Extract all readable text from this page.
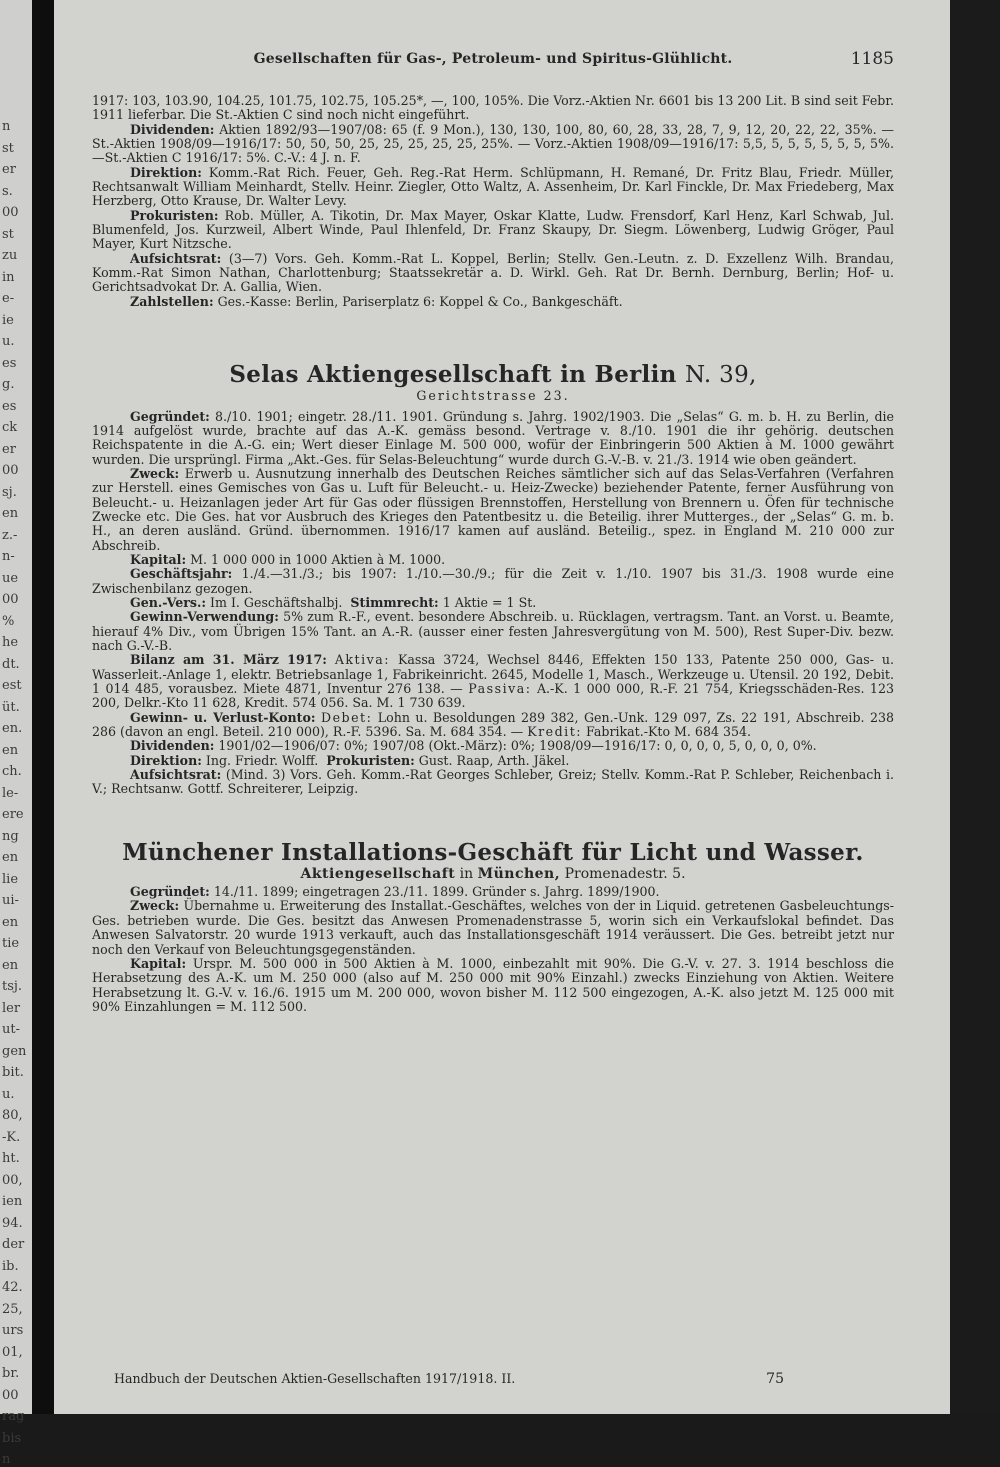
n
st
er
s.
00
st
zu
in
e-
ie
u.
es
g.
es
ck
er
00
sj.
en
z.-
n-
ue
00
%
he
dt.
est
üt.
en.
en
ch.
le-
ere
ng
en
lie
ui-
en
tie
en
tsj.
ler
ut-
gen
bit.
u.
80,
-K.
ht.
00,
ien
94.
der
ib.
42.
25,
urs
01,
br.
00
rag
bis
n
Gesellschaften für Gas-, Petroleum- und Spiritus-Glühlicht.	1185

1917: 103, 103.90, 104.25, 101.75, 102.75, 105.25*, —, 100, 105%. Die Vorz.-Aktien Nr. 6601 bis 13 200 Lit. B sind seit Febr. 1911 lieferbar. Die St.-Aktien C sind noch nicht eingeführt.

Dividenden: Aktien 1892/93—1907/08: 65 (f. 9 Mon.), 130, 130, 100, 80, 60, 28, 33, 28, 7, 9, 12, 20, 22, 22, 35%. — St.-Aktien 1908/09—1916/17: 50, 50, 50, 25, 25, 25, 25, 25, 25%. — Vorz.-Aktien 1908/09—1916/17: 5,5, 5, 5, 5, 5, 5, 5, 5%. —St.-Aktien C 1916/17: 5%. C.-V.: 4 J. n. F.

Direktion: Komm.-Rat Rich. Feuer, Geh. Reg.-Rat Herm. Schlüpmann, H. Remané, Dr. Fritz Blau, Friedr. Müller, Rechtsanwalt William Meinhardt, Stellv. Heinr. Ziegler, Otto Waltz, A. Assenheim, Dr. Karl Finckle, Dr. Max Friedeberg, Max Herzberg, Otto Krause, Dr. Walter Levy.

Prokuristen: Rob. Müller, A. Tikotin, Dr. Max Mayer, Oskar Klatte, Ludw. Frensdorf, Karl Henz, Karl Schwab, Jul. Blumenfeld, Jos. Kurzweil, Albert Winde, Paul Ihlenfeld, Dr. Franz Skaupy, Dr. Siegm. Löwenberg, Ludwig Gröger, Paul Mayer, Kurt Nitzsche.

Aufsichtsrat: (3—7) Vors. Geh. Komm.-Rat L. Koppel, Berlin; Stellv. Gen.-Leutn. z. D. Exzellenz Wilh. Brandau, Komm.-Rat Simon Nathan, Charlottenburg; Staatssekretär a. D. Wirkl. Geh. Rat Dr. Bernh. Dernburg, Berlin; Hof- u. Gerichtsadvokat Dr. A. Gallia, Wien.

Zahlstellen: Ges.-Kasse: Berlin, Pariserplatz 6: Koppel & Co., Bankgeschäft.

Selas Aktiengesellschaft in Berlin N. 39,
Gerichtstrasse 23.

Gegründet: 8./10. 1901; eingetr. 28./11. 1901. Gründung s. Jahrg. 1902/1903. Die „Selas“ G. m. b. H. zu Berlin, die 1914 aufgelöst wurde, brachte auf das A.-K. gemäss besond. Vertrage v. 8./10. 1901 die ihr gehörig. deutschen Reichspatente in die A.-G. ein; Wert dieser Einlage M. 500 000, wofür der Einbringerin 500 Aktien à M. 1000 gewährt wurden. Die ursprüngl. Firma „Akt.-Ges. für Selas-Beleuchtung“ wurde durch G.-V.-B. v. 21./3. 1914 wie oben geändert.

Zweck: Erwerb u. Ausnutzung innerhalb des Deutschen Reiches sämtlicher sich auf das Selas-Verfahren (Verfahren zur Herstell. eines Gemisches von Gas u. Luft für Beleucht.- u. Heiz-Zwecke) beziehender Patente, ferner Ausführung von Beleucht.- u. Heizanlagen jeder Art für Gas oder flüssigen Brennstoffen, Herstellung von Brennern u. Öfen für technische Zwecke etc. Die Ges. hat vor Ausbruch des Krieges den Patentbesitz u. die Beteilig. ihrer Mutterges., der „Selas“ G. m. b. H., an deren ausländ. Gründ. übernommen. 1916/17 kamen auf ausländ. Beteilig., spez. in England M. 210 000 zur Abschreib.

Kapital: M. 1 000 000 in 1000 Aktien à M. 1000.

Geschäftsjahr: 1./4.—31./3.; bis 1907: 1./10.—30./9.; für die Zeit v. 1./10. 1907 bis 31./3. 1908 wurde eine Zwischenbilanz gezogen.

Gen.-Vers.: Im I. Geschäftshalbj. Stimmrecht: 1 Aktie = 1 St.

Gewinn-Verwendung: 5% zum R.-F., event. besondere Abschreib. u. Rücklagen, vertragsm. Tant. an Vorst. u. Beamte, hierauf 4% Div., vom Übrigen 15% Tant. an A.-R. (ausser einer festen Jahresvergütung von M. 500), Rest Super-Div. bezw. nach G.-V.-B.

Bilanz am 31. März 1917: Aktiva: Kassa 3724, Wechsel 8446, Effekten 150 133, Patente 250 000, Gas- u. Wasserleit.-Anlage 1, elektr. Betriebsanlage 1, Fabrikeinricht. 2645, Modelle 1, Masch., Werkzeuge u. Utensil. 20 192, Debit. 1 014 485, vorausbez. Miete 4871, Inventur 276 138. — Passiva: A.-K. 1 000 000, R.-F. 21 754, Kriegsschäden-Res. 123 200, Delkr.-Kto 11 628, Kredit. 574 056. Sa. M. 1 730 639.

Gewinn- u. Verlust-Konto: Debet: Lohn u. Besoldungen 289 382, Gen.-Unk. 129 097, Zs. 22 191, Abschreib. 238 286 (davon an engl. Beteil. 210 000), R.-F. 5396. Sa. M. 684 354. — Kredit: Fabrikat.-Kto M. 684 354.

Dividenden: 1901/02—1906/07: 0%; 1907/08 (Okt.-März): 0%; 1908/09—1916/17: 0, 0, 0, 0, 5, 0, 0, 0, 0%.

Direktion: Ing. Friedr. Wolff. Prokuristen: Gust. Raap, Arth. Jäkel.

Aufsichtsrat: (Mind. 3) Vors. Geh. Komm.-Rat Georges Schleber, Greiz; Stellv. Komm.-Rat P. Schleber, Reichenbach i. V.; Rechtsanw. Gottf. Schreiterer, Leipzig.

Münchener Installations-Geschäft für Licht und Wasser.
Aktiengesellschaft in München, Promenadestr. 5.

Gegründet: 14./11. 1899; eingetragen 23./11. 1899. Gründer s. Jahrg. 1899/1900.

Zweck: Übernahme u. Erweiterung des Installat.-Geschäftes, welches von der in Liquid. getretenen Gasbeleuchtungs-Ges. betrieben wurde. Die Ges. besitzt das Anwesen Promenadenstrasse 5, worin sich ein Verkaufslokal befindet. Das Anwesen Salvatorstr. 20 wurde 1913 verkauft, auch das Installationsgeschäft 1914 veräussert. Die Ges. betreibt jetzt nur noch den Verkauf von Beleuchtungsgegenständen.

Kapital: Urspr. M. 500 000 in 500 Aktien à M. 1000, einbezahlt mit 90%. Die G.-V. v. 27. 3. 1914 beschloss die Herabsetzung des A.-K. um M. 250 000 (also auf M. 250 000 mit 90% Einzahl.) zwecks Einziehung von Aktien. Weitere Herabsetzung lt. G.-V. v. 16./6. 1915 um M. 200 000, wovon bisher M. 112 500 eingezogen, A.-K. also jetzt M. 125 000 mit 90% Einzahlungen = M. 112 500.

Handbuch der Deutschen Aktien-Gesellschaften 1917/1918. II.	75
